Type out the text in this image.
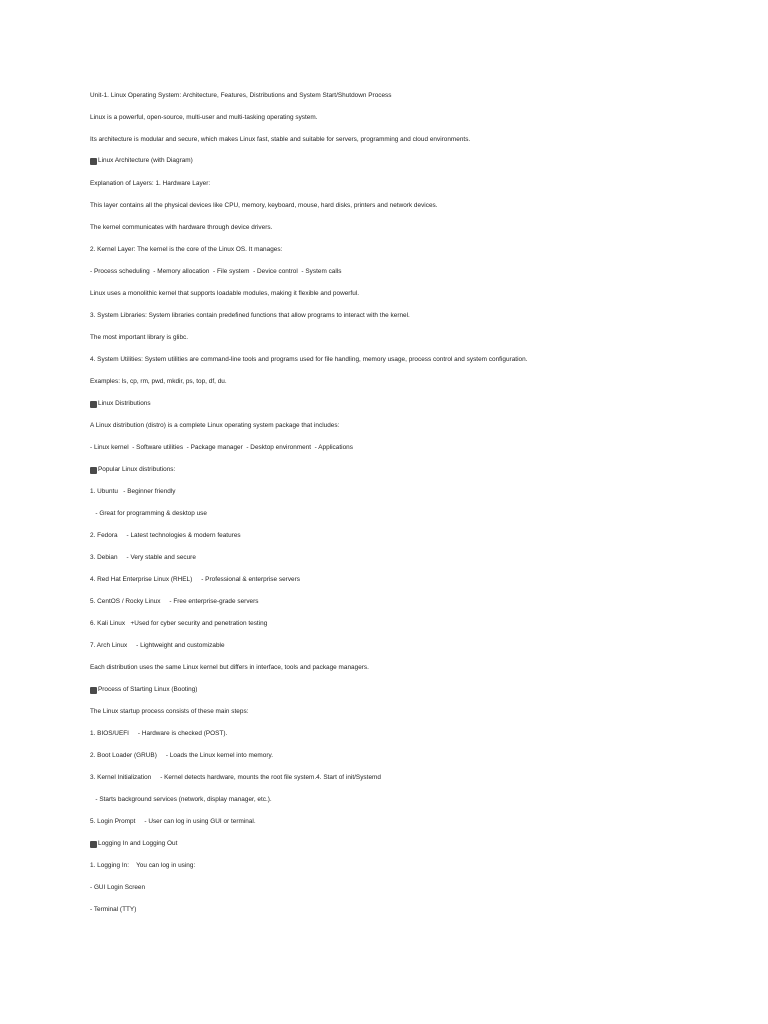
Unit-1. Linux Operating System: Architecture, Features, Distributions and System Start/Shutdown Process
Linux is a powerful, open-source, multi-user and multi-tasking operating system.
Its architecture is modular and secure, which makes Linux fast, stable and suitable for servers, programming and cloud environments.
Linux Architecture (with Diagram)
Explanation of Layers: 1. Hardware Layer:
This layer contains all the physical devices like CPU, memory, keyboard, mouse, hard disks, printers and network devices.
The kernel communicates with hardware through device drivers.
2. Kernel Layer: The kernel is the core of the Linux OS. It manages:
- Process scheduling  - Memory allocation  - File system  - Device control  - System calls
Linux uses a monolithic kernel that supports loadable modules, making it flexible and powerful.
3. System Libraries: System libraries contain predefined functions that allow programs to interact with the kernel.
The most important library is glibc.
4. System Utilities: System utilities are command-line tools and programs used for file handling, memory usage, process control and system configuration.
Examples: ls, cp, rm, pwd, mkdir, ps, top, df, du.
Linux Distributions
A Linux distribution (distro) is a complete Linux operating system package that includes:
- Linux kernel  - Software utilities  - Package manager  - Desktop environment  - Applications
Popular Linux distributions:
1. Ubuntu   - Beginner friendly
- Great for programming & desktop use
2. Fedora     - Latest technologies & modern features
3. Debian     - Very stable and secure
4. Red Hat Enterprise Linux (RHEL)     - Professional & enterprise servers
5. CentOS / Rocky Linux     - Free enterprise-grade servers
6. Kali Linux   +Used for cyber security and penetration testing
7. Arch Linux     - Lightweight and customizable
Each distribution uses the same Linux kernel but differs in interface, tools and package managers.
Process of Starting Linux (Booting)
The Linux startup process consists of these main steps:
1. BIOS/UEFI     - Hardware is checked (POST).
2. Boot Loader (GRUB)     - Loads the Linux kernel into memory.
3. Kernel Initialization     - Kernel detects hardware, mounts the root file system.4. Start of init/Systemd
- Starts background services (network, display manager, etc.).
5. Login Prompt     - User can log in using GUI or terminal.
Logging In and Logging Out
1. Logging In:    You can log in using:
- GUI Login Screen
- Terminal (TTY)
